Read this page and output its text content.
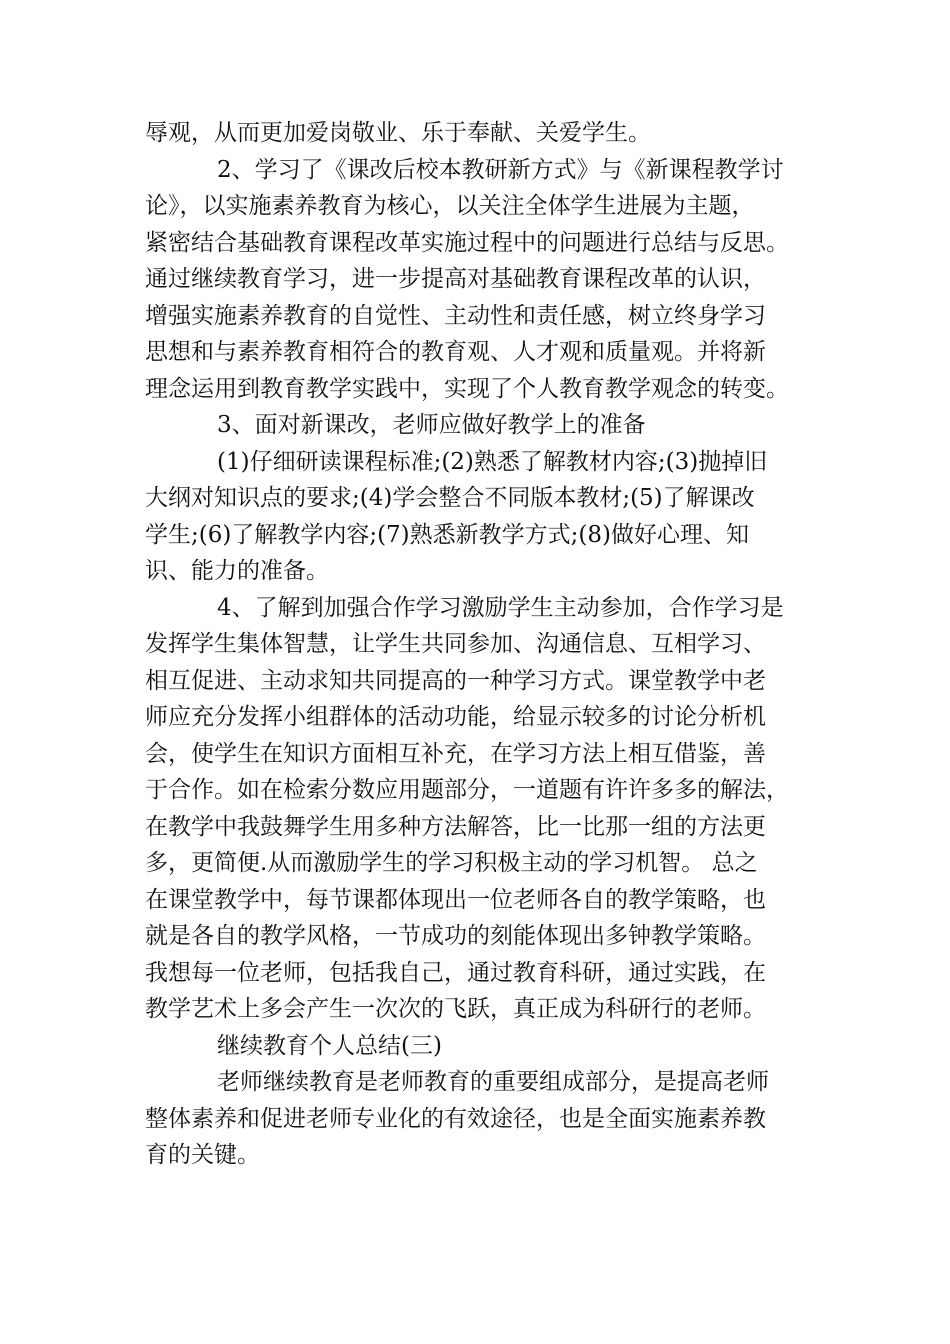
辱观，从而更加爱岗敬业、乐于奉献、关爱学生。
2、学习了《课改后校本教研新方式》与《新课程教学讨
论》，以实施素养教育为核心，以关注全体学生进展为主题，
紧密结合基础教育课程改革实施过程中的问题进行总结与反思。
通过继续教育学习，进一步提高对基础教育课程改革的认识，
增强实施素养教育的自觉性、主动性和责任感，树立终身学习
思想和与素养教育相符合的教育观、人才观和质量观。并将新
理念运用到教育教学实践中，实现了个人教育教学观念的转变。
3、面对新课改，老师应做好教学上的准备
(1)仔细研读课程标准;(2)熟悉了解教材内容;(3)抛掉旧
大纲对知识点的要求;(4)学会整合不同版本教材;(5)了解课改
学生;(6)了解教学内容;(7)熟悉新教学方式;(8)做好心理、知
识、能力的准备。
4、了解到加强合作学习激励学生主动参加，合作学习是
发挥学生集体智慧，让学生共同参加、沟通信息、互相学习、
相互促进、主动求知共同提高的一种学习方式。课堂教学中老
师应充分发挥小组群体的活动功能，给显示较多的讨论分析机
会，使学生在知识方面相互补充，在学习方法上相互借鉴，善
于合作。如在检索分数应用题部分，一道题有许许多多的解法，
在教学中我鼓舞学生用多种方法解答，比一比那一组的方法更
多，更简便.从而激励学生的学习积极主动的学习机智。 总之
在课堂教学中，每节课都体现出一位老师各自的教学策略，也
就是各自的教学风格，一节成功的刻能体现出多钟教学策略。
我想每一位老师，包括我自己，通过教育科研，通过实践，在
教学艺术上多会产生一次次的飞跃，真正成为科研行的老师。
继续教育个人总结(三)
老师继续教育是老师教育的重要组成部分，是提高老师
整体素养和促进老师专业化的有效途径，也是全面实施素养教
育的关键。
